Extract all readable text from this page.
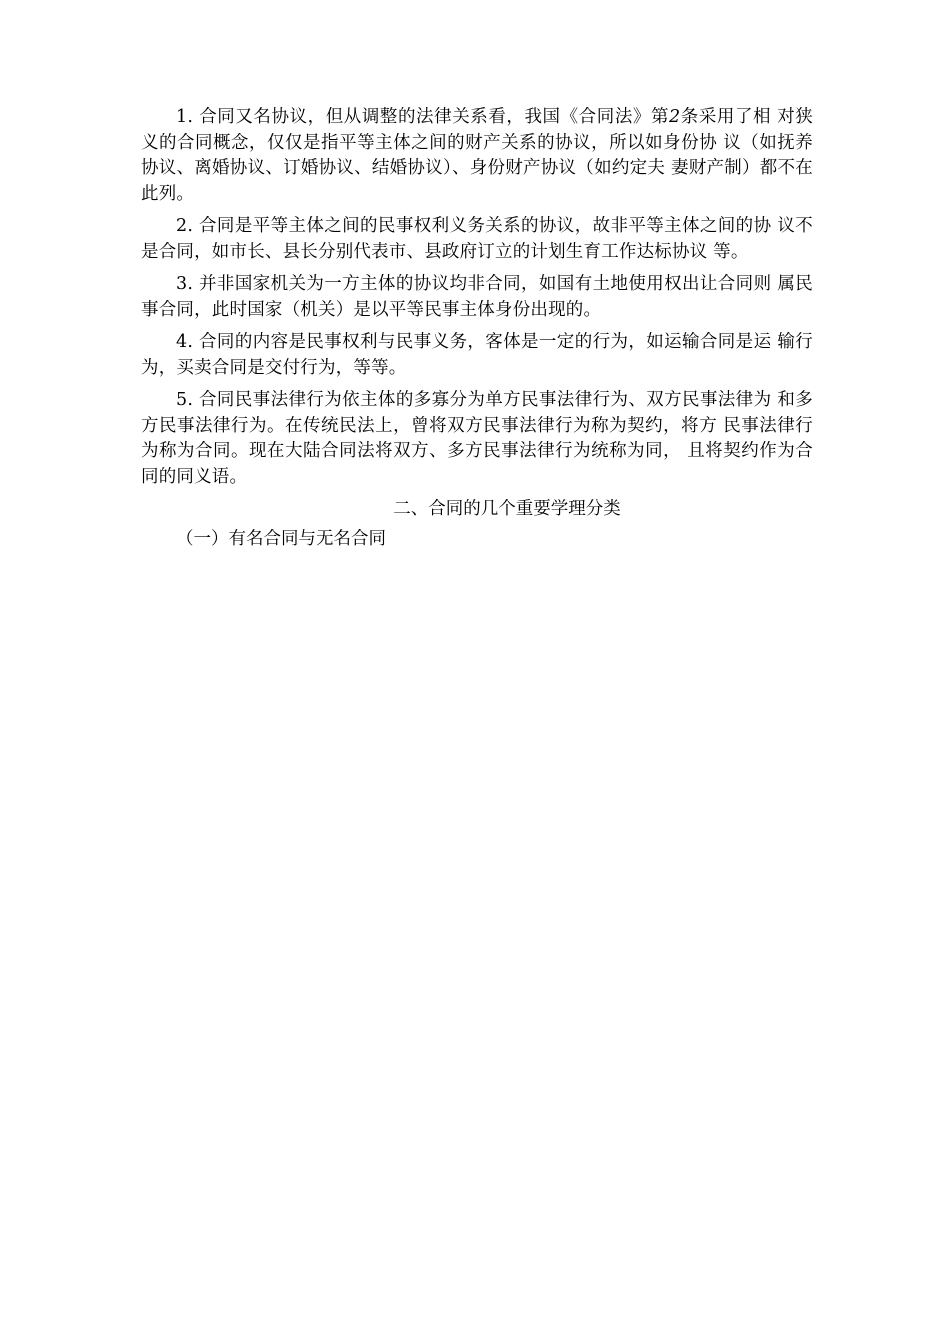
1. 合同又名协议，但从调整的法律关系看，我国《合同法》第2条采用了相 对狭义的合同概念，仅仅是指平等主体之间的财产关系的协议，所以如身份协 议（如抚养协议、离婚协议、订婚协议、结婚协议）、身份财产协议（如约定夫 妻财产制）都不在此列。

2. 合同是平等主体之间的民事权利义务关系的协议，故非平等主体之间的协 议不是合同，如市长、县长分别代表市、县政府订立的计划生育工作达标协议 等。

3. 并非国家机关为一方主体的协议均非合同，如国有土地使用权出让合同则 属民事合同，此时国家（机关）是以平等民事主体身份出现的。

4. 合同的内容是民事权利与民事义务，客体是一定的行为，如运输合同是运 输行为，买卖合同是交付行为，等等。

5. 合同民事法律行为依主体的多寡分为单方民事法律行为、双方民事法律为 和多方民事法律行为。在传统民法上，曾将双方民事法律行为称为契约，将方 民事法律行为称为合同。现在大陆合同法将双方、多方民事法律行为统称为同， 且将契约作为合同的同义语。

二、合同的几个重要学理分类

（一）有名合同与无名合同
